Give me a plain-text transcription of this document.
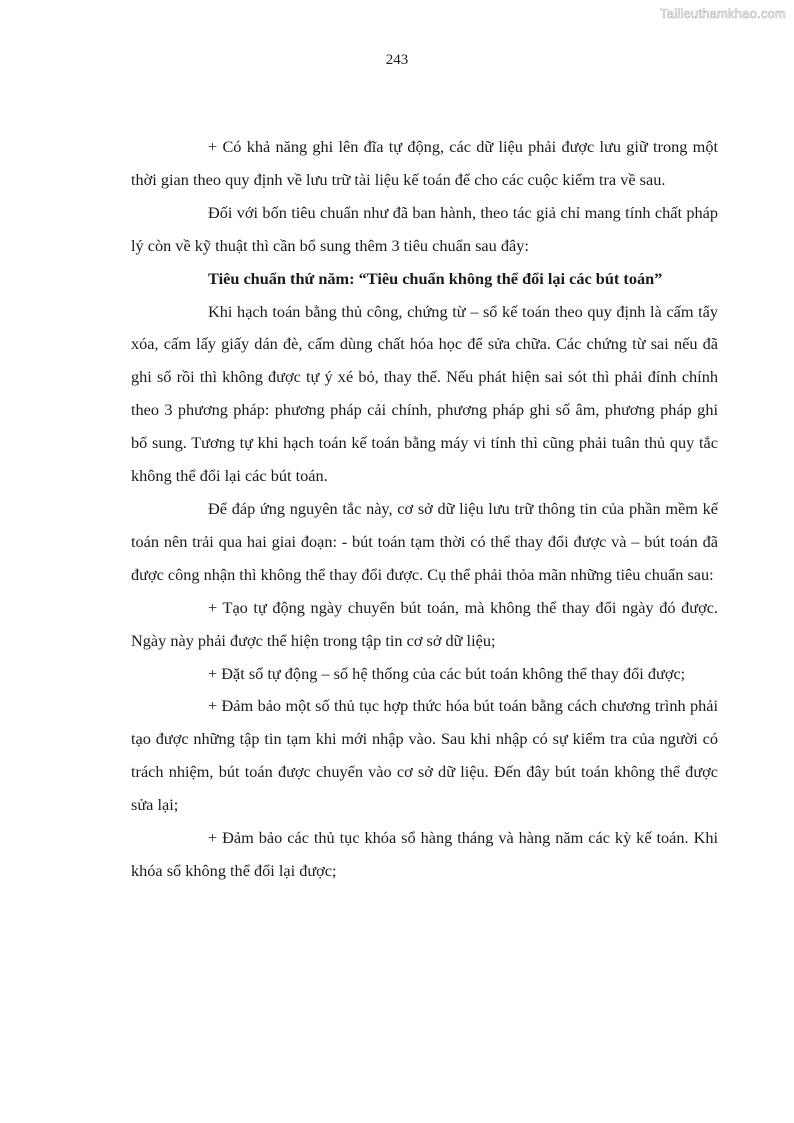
Tailieuthamkhao.com
243

+ Có khả năng ghi lên đĩa tự động, các dữ liệu phải được lưu giữ trong một thời gian theo quy định về lưu trữ tài liệu kế toán để cho các cuộc kiểm tra về sau.

Đối với bốn tiêu chuẩn như đã ban hành, theo tác giả chỉ mang tính chất pháp lý còn về kỹ thuật thì cần bổ sung thêm 3 tiêu chuẩn sau đây:

Tiêu chuẩn thứ năm: “Tiêu chuẩn không thể đổi lại các bút toán”

Khi hạch toán bằng thủ công, chứng từ – sổ kế toán theo quy định là cấm tẩy xóa, cấm lấy giấy dán đè, cấm dùng chất hóa học để sửa chữa. Các chứng từ sai nếu đã ghi sổ rồi thì không được tự ý xé bỏ, thay thế. Nếu phát hiện sai sót thì phải đính chính theo 3 phương pháp: phương pháp cải chính, phương pháp ghi số âm, phương pháp ghi bổ sung. Tương tự khi hạch toán kế toán bằng máy vi tính thì cũng phải tuân thủ quy tắc không thể đổi lại các bút toán.

Để đáp ứng nguyên tắc này, cơ sở dữ liệu lưu trữ thông tin của phần mềm kế toán nên trải qua hai giai đoạn: - bút toán tạm thời có thể thay đổi được và – bút toán đã được công nhận thì không thể thay đổi được. Cụ thể phải thỏa mãn những tiêu chuẩn sau:

+ Tạo tự động ngày chuyển bút toán, mà không thể thay đổi ngày đó được. Ngày này phải được thể hiện trong tập tin cơ sở dữ liệu;

+ Đặt số tự động – số hệ thống của các bút toán không thể thay đổi được;

+ Đảm bảo một số thủ tục hợp thức hóa bút toán bằng cách chương trình phải tạo được những tập tin tạm khi mới nhập vào. Sau khi nhập có sự kiểm tra của người có trách nhiệm, bút toán được chuyển vào cơ sở dữ liệu. Đến đây bút toán không thể được sửa lại;

+ Đảm bảo các thủ tục khóa sổ hàng tháng và hàng năm các kỳ kế toán. Khi khóa sổ không thể đổi lại được;
